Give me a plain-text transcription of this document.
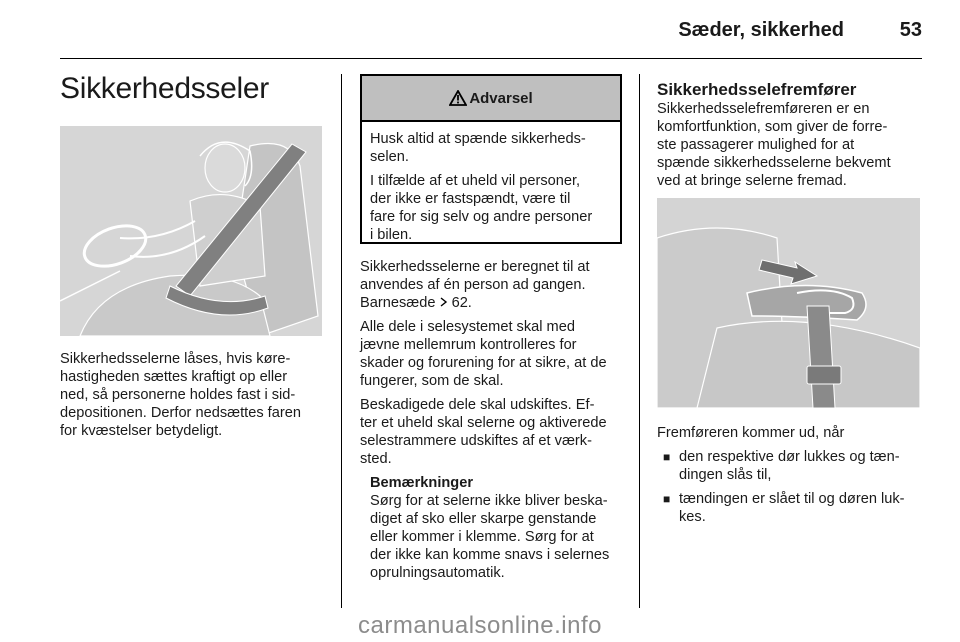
Sæder, sikkerhed	53
Sikkerhedsseler
Sikkerhedsselerne låses, hvis køre-
hastigheden sættes kraftigt op eller
ned, så personerne holdes fast i sid-
depositionen. Derfor nedsættes faren
for kvæstelser betydeligt.
Advarsel

Husk altid at spænde sikkerheds-
selen.

I tilfælde af et uheld vil personer,
der ikke er fastspændt, være til
fare for sig selv og andre personer
i bilen.

Sikkerhedsselerne er beregnet til at
anvendes af én person ad gangen.
Barnesæde 62.

Alle dele i selesystemet skal med
jævne mellemrum kontrolleres for
skader og forurening for at sikre, at de
fungerer, som de skal.

Beskadigede dele skal udskiftes. Ef-
ter et uheld skal selerne og aktiverede
selestrammere udskiftes af et værk-
sted.

Bemærkninger
Sørg for at selerne ikke bliver beska-
diget af sko eller skarpe genstande
eller kommer i klemme. Sørg for at
der ikke kan komme snavs i selernes
oprulningsautomatik.
Sikkerhedsselefremfører
Sikkerhedsselefremføreren er en
komfortfunktion, som giver de forre-
ste passagerer mulighed for at
spænde sikkerhedsselerne bekvemt
ved at bringe selerne fremad.

Fremføreren kommer ud, når

■ den respektive dør lukkes og tæn-
dingen slås til,
■ tændingen er slået til og døren luk-
kes.
carmanualsonline.info
